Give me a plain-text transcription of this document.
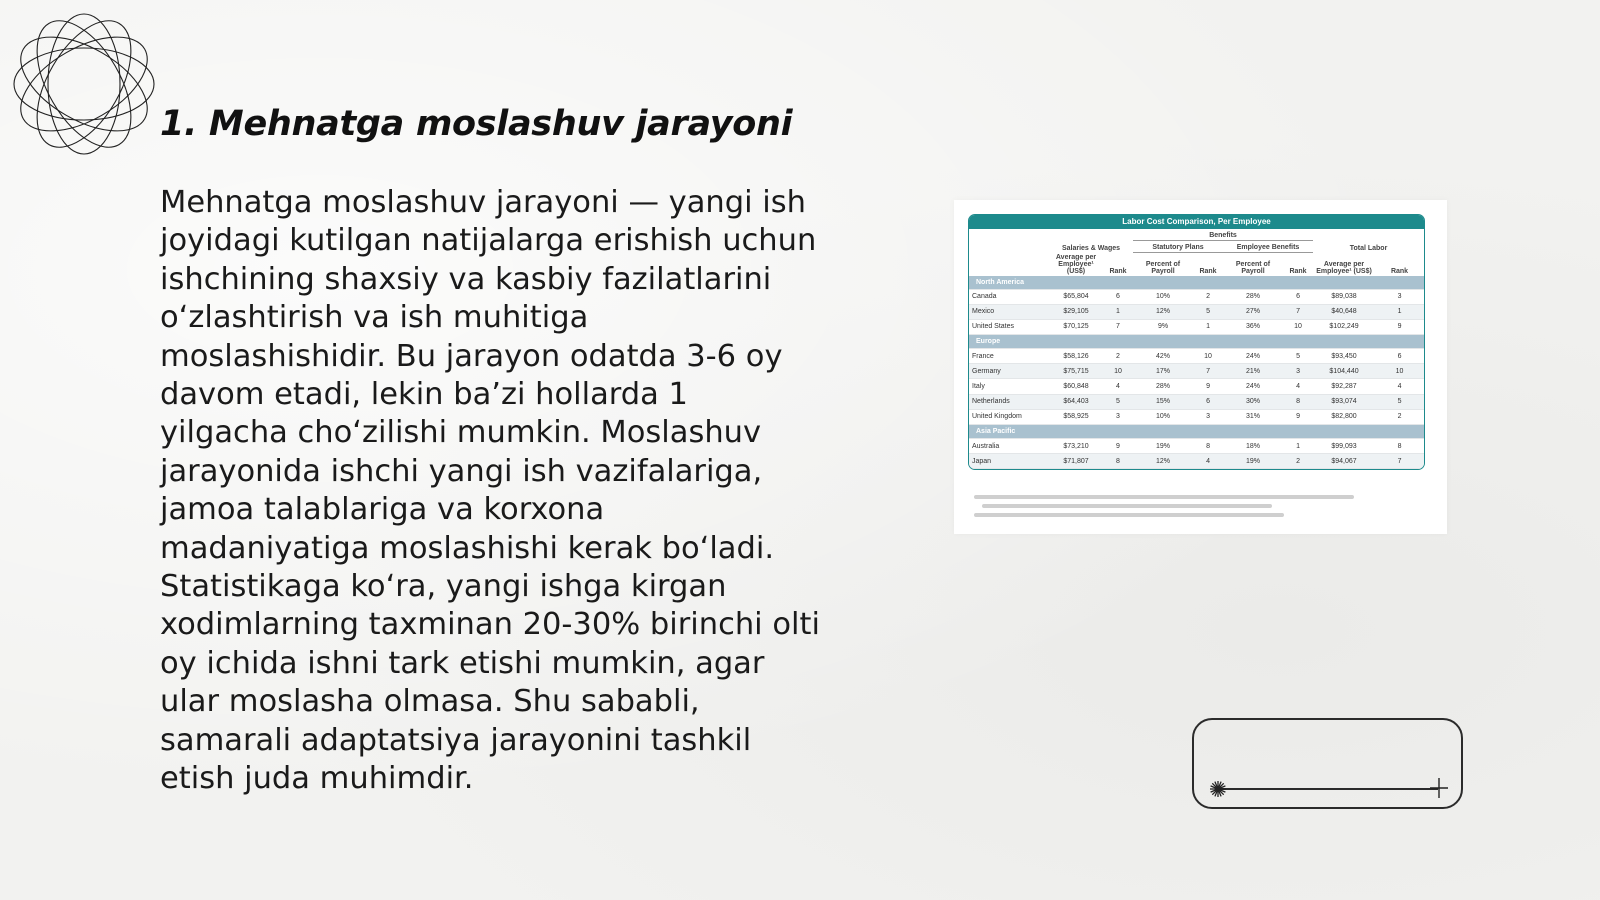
1. Mehnatga moslashuv jarayoni

Mehnatga moslashuv jarayoni — yangi ish joyidagi kutilgan natijalarga erishish uchun ishchining shaxsiy va kasbiy fazilatlarini o‘zlashtirish va ish muhitiga moslashishidir. Bu jarayon odatda 3-6 oy davom etadi, lekin ba’zi hollarda 1 yilgacha cho‘zilishi mumkin. Moslashuv jarayonida ishchi yangi ish vazifalariga, jamoa talablariga va korxona madaniyatiga moslashishi kerak bo‘ladi. Statistikaga ko‘ra, yangi ishga kirgan xodimlarning taxminan 20-30% birinchi olti oy ichida ishni tark etishi mumkin, agar ular moslasha olmasa. Shu sababli, samarali adaptatsiya jarayonini tashkil etish juda muhimdir.

Labor Cost Comparison, Per Employee
	Salaries & Wages		Benefits				Total Labor	
			Statutory Plans		Employee Benefits			
	Average per Employee¹ (US$)	Rank	Percent of Payroll	Rank	Percent of Payroll	Rank	Average per Employee¹ (US$)	Rank
North America								
Canada	$65,804	6	10%	2	28%	6	$89,038	3
Mexico	$29,105	1	12%	5	27%	7	$40,648	1
United States	$70,125	7	9%	1	36%	10	$102,249	9
Europe								
France	$58,126	2	42%	10	24%	5	$93,450	6
Germany	$75,715	10	17%	7	21%	3	$104,440	10
Italy	$60,848	4	28%	9	24%	4	$92,287	4
Netherlands	$64,403	5	15%	6	30%	8	$93,074	5
United Kingdom	$58,925	3	10%	3	31%	9	$82,800	2
Asia Pacific								
Australia	$73,210	9	19%	8	18%	1	$99,093	8
Japan	$71,807	8	12%	4	19%	2	$94,067	7
